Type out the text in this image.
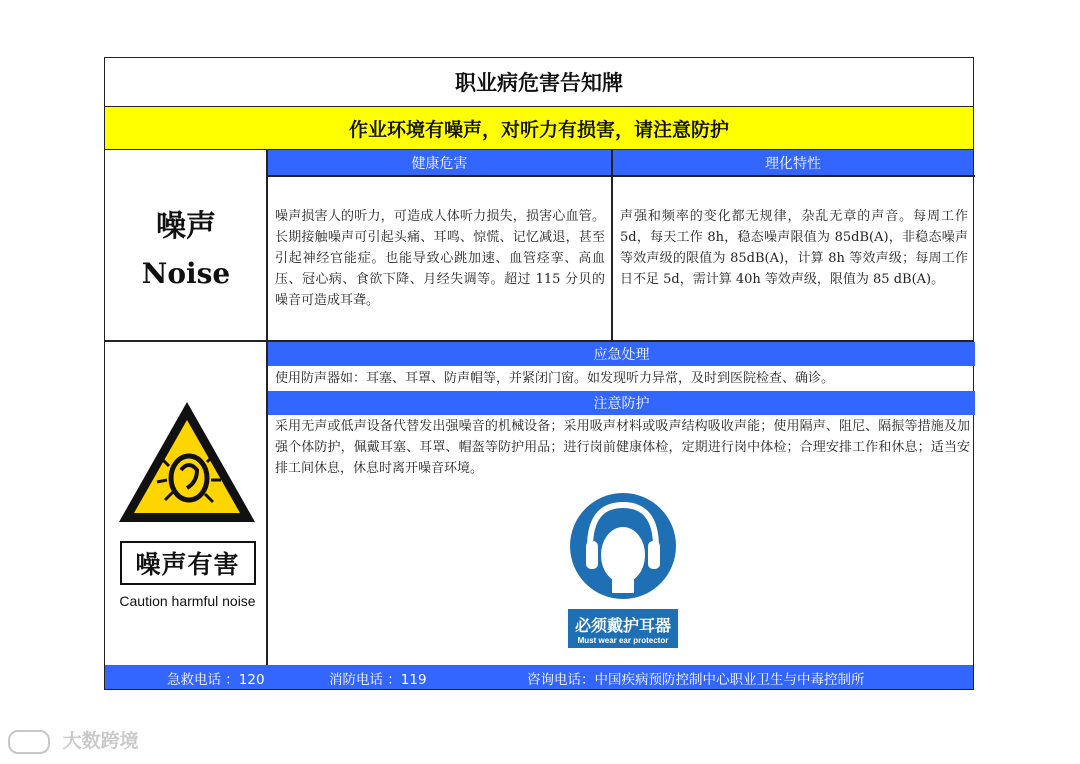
职业病危害告知牌
作业环境有噪声，对听力有损害，请注意防护
噪声
Noise
健康危害	理化特性
噪声损害人的听力，可造成人体听力损失，损害心血管。长期接触噪声可引起头痛、耳鸣、惊慌、记忆减退，甚至引起神经官能症。也能导致心跳加速、血管痉挛、高血压、冠心病、食欲下降、月经失调等。超过 115 分贝的噪音可造成耳聋。
声强和频率的变化都无规律，杂乱无章的声音。每周工作 5d，每天工作 8h，稳态噪声限值为 85dB(A)，非稳态噪声等效声级的限值为 85dB(A)，计算 8h 等效声级；每周工作日不足 5d，需计算 40h 等效声级，限值为 85 dB(A)。
应急处理
使用防声器如：耳塞、耳罩、防声帽等，并紧闭门窗。如发现听力异常，及时到医院检查、确诊。
注意防护
采用无声或低声设备代替发出强噪音的机械设备；采用吸声材料或吸声结构吸收声能；使用隔声、阻尼、隔振等措施及加强个体防护，佩戴耳塞、耳罩、帽盔等防护用品；进行岗前健康体检，定期进行岗中体检；合理安排工作和休息；适当安排工间休息，休息时离开噪音环境。
噪声有害
Caution harmful noise
必须戴护耳器
Must wear ear protector
急救电话 ：120	消防电话 ：119	咨询电话：中国疾病预防控制中心职业卫生与中毒控制所
大数跨境
